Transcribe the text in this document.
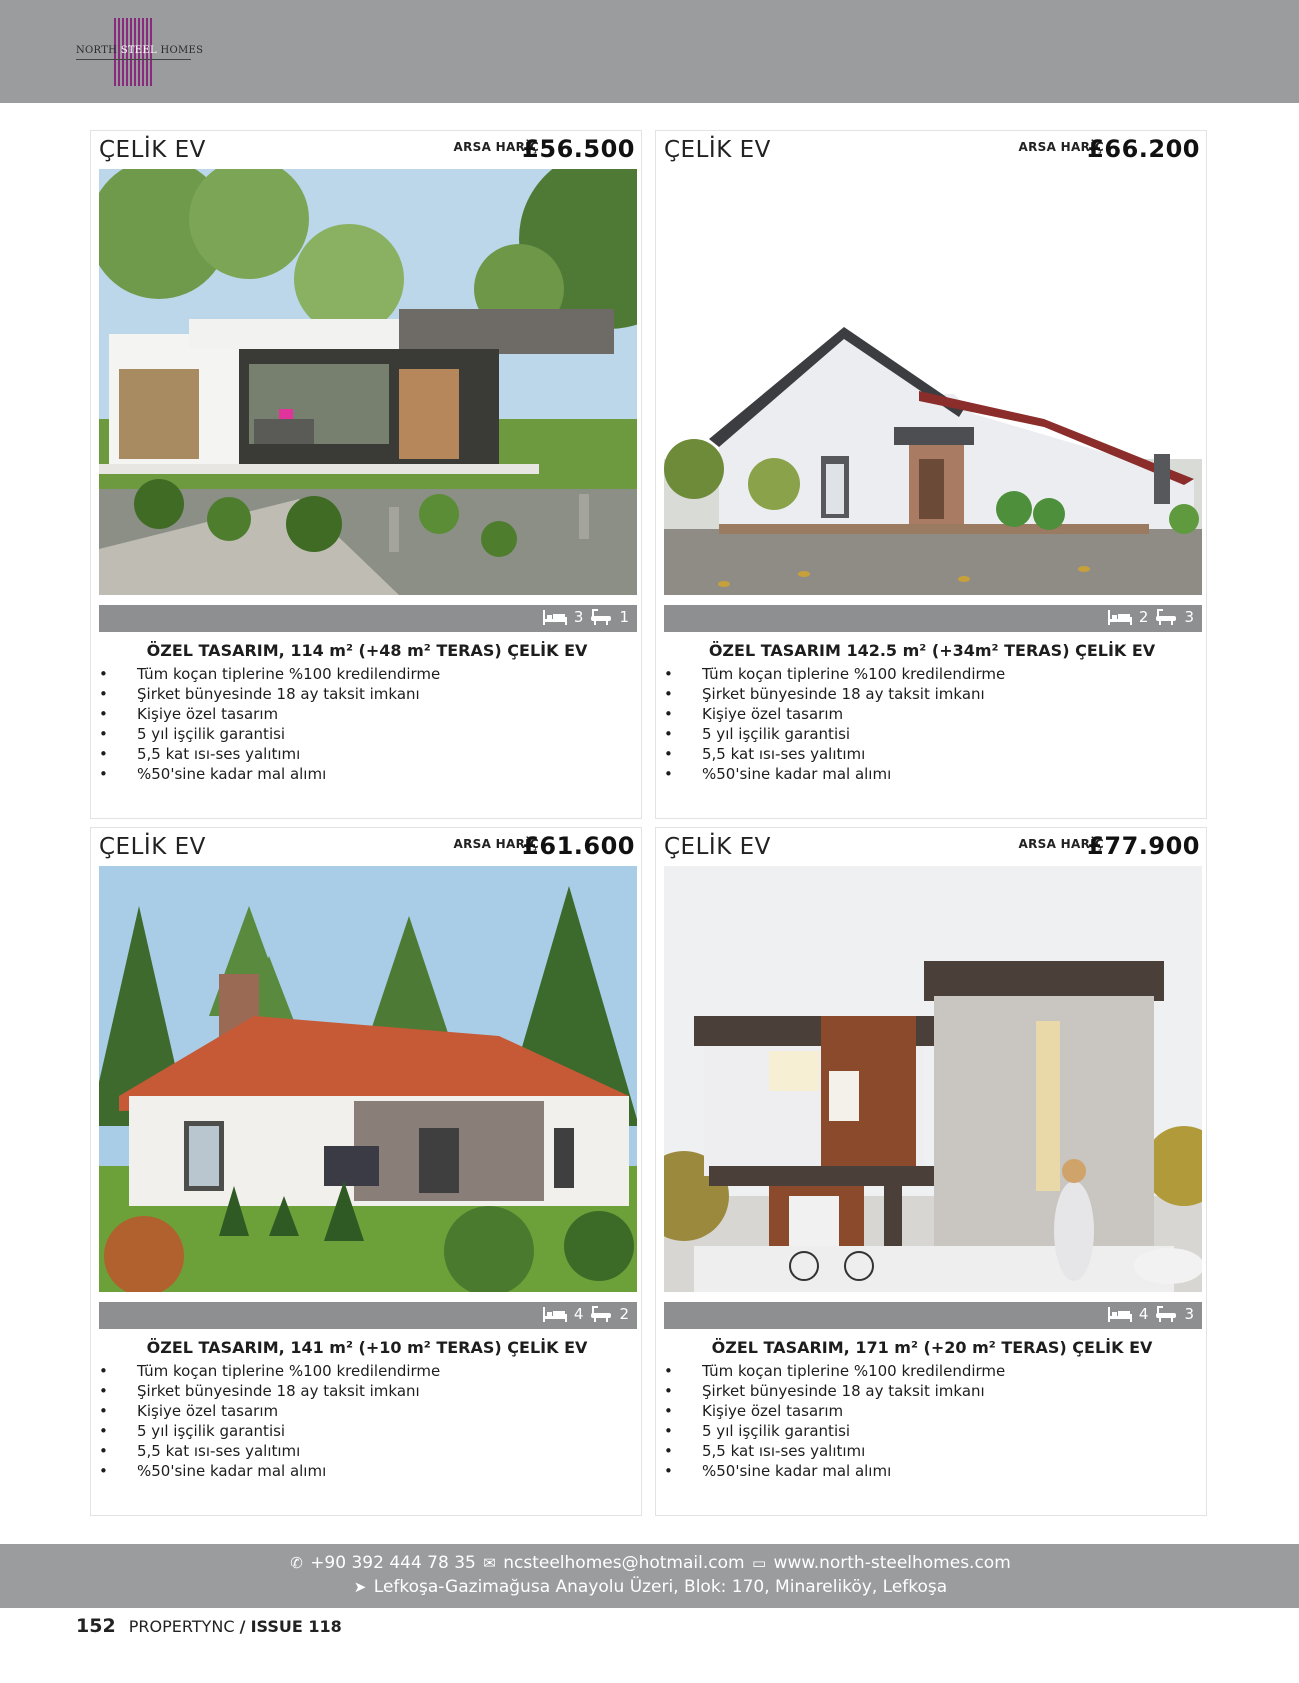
NORTH STEEL HOMES
ÇELİK EV	ARSA HARİÇ
£56.500
3 1
ÖZEL TASARIM, 114 m² (+48 m² TERAS) ÇELİK EV
• Tüm koçan tiplerine %100 kredilendirme
• Şirket bünyesinde 18 ay taksit imkanı
• Kişiye özel tasarım
• 5 yıl işçilik garantisi
• 5,5 kat ısı-ses yalıtımı
• %50'sine kadar mal alımı
ÇELİK EV	ARSA HARİÇ
£66.200
2 3
ÖZEL TASARIM 142.5 m² (+34m² TERAS) ÇELİK EV
• Tüm koçan tiplerine %100 kredilendirme
• Şirket bünyesinde 18 ay taksit imkanı
• Kişiye özel tasarım
• 5 yıl işçilik garantisi
• 5,5 kat ısı-ses yalıtımı
• %50'sine kadar mal alımı
ÇELİK EV	ARSA HARİÇ
£61.600
4 2
ÖZEL TASARIM, 141 m² (+10 m² TERAS) ÇELİK EV
• Tüm koçan tiplerine %100 kredilendirme
• Şirket bünyesinde 18 ay taksit imkanı
• Kişiye özel tasarım
• 5 yıl işçilik garantisi
• 5,5 kat ısı-ses yalıtımı
• %50'sine kadar mal alımı
ÇELİK EV	ARSA HARİÇ
£77.900
4 3
ÖZEL TASARIM, 171 m² (+20 m² TERAS) ÇELİK EV
• Tüm koçan tiplerine %100 kredilendirme
• Şirket bünyesinde 18 ay taksit imkanı
• Kişiye özel tasarım
• 5 yıl işçilik garantisi
• 5,5 kat ısı-ses yalıtımı
• %50'sine kadar mal alımı
✆ +90 392 444 78 35 ✉ ncsteelhomes@hotmail.com ▭ www.north-steelhomes.com
➤ Lefkoşa-Gazimağusa Anayolu Üzeri, Blok: 170, Minareliköy, Lefkoşa
152 PROPERTYNC / ISSUE 118
